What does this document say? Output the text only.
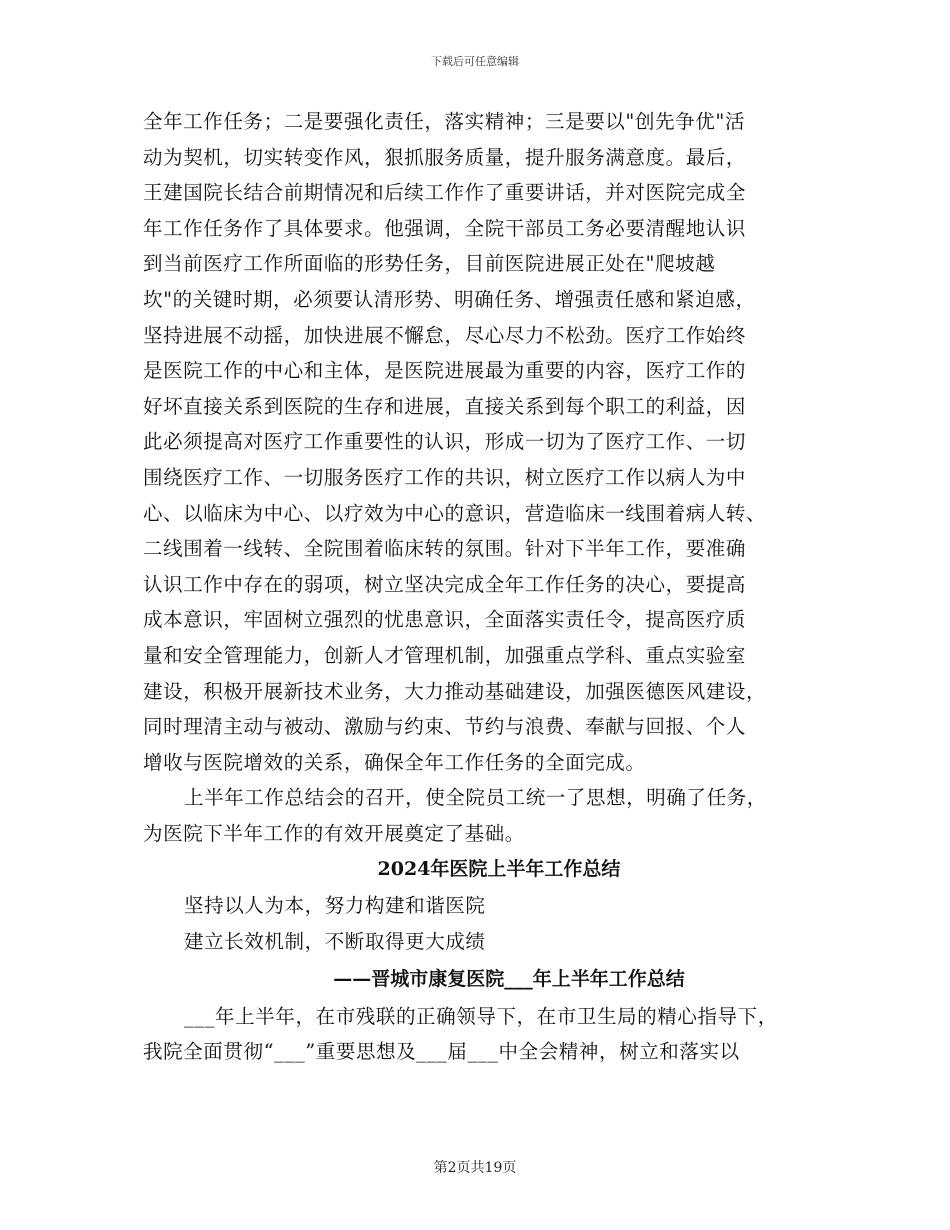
下载后可任意编辑
全年工作任务；二是要强化责任，落实精神；三是要以"创先争优"活
动为契机，切实转变作风，狠抓服务质量，提升服务满意度。最后，
王建国院长结合前期情况和后续工作作了重要讲话，并对医院完成全
年工作任务作了具体要求。他强调，全院干部员工务必要清醒地认识
到当前医疗工作所面临的形势任务，目前医院进展正处在"爬坡越
坎"的关键时期，必须要认清形势、明确任务、增强责任感和紧迫感，
坚持进展不动摇，加快进展不懈怠，尽心尽力不松劲。医疗工作始终
是医院工作的中心和主体，是医院进展最为重要的内容，医疗工作的
好坏直接关系到医院的生存和进展，直接关系到每个职工的利益，因
此必须提高对医疗工作重要性的认识，形成一切为了医疗工作、一切
围绕医疗工作、一切服务医疗工作的共识，树立医疗工作以病人为中
心、以临床为中心、以疗效为中心的意识，营造临床一线围着病人转、
二线围着一线转、全院围着临床转的氛围。针对下半年工作，要准确
认识工作中存在的弱项，树立坚决完成全年工作任务的决心，要提高
成本意识，牢固树立强烈的忧患意识，全面落实责任令，提高医疗质
量和安全管理能力，创新人才管理机制，加强重点学科、重点实验室
建设，积极开展新技术业务，大力推动基础建设，加强医德医风建设，
同时理清主动与被动、激励与约束、节约与浪费、奉献与回报、个人
增收与医院增效的关系，确保全年工作任务的全面完成。
上半年工作总结会的召开，使全院员工统一了思想，明确了任务，
为医院下半年工作的有效开展奠定了基础。
2024年医院上半年工作总结
坚持以人为本，努力构建和谐医院
建立长效机制，不断取得更大成绩
——晋城市康复医院___年上半年工作总结
___年上半年，在市残联的正确领导下，在市卫生局的精心指导下，
我院全面贯彻“___”重要思想及___届___中全会精神，树立和落实以
第2页共19页
